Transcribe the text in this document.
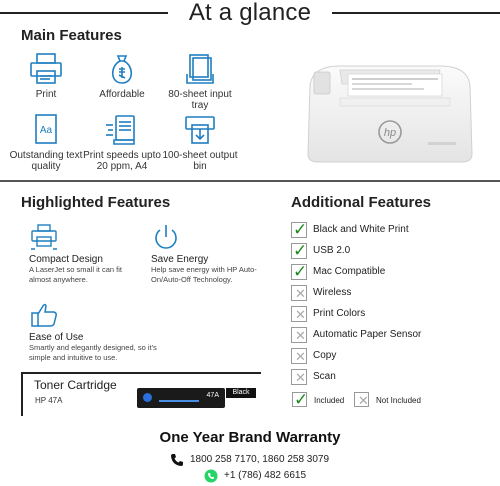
At a glance
Main Features
Print	Affordable	80-sheet input tray
Aa
Outstanding text quality
Print speeds upto 20 ppm, A4
100-sheet output bin
hp
Highlighted Features
Compact Design
A LaserJet so small it can fit almost anywhere.
Save Energy
Help save energy with HP Auto-On/Auto-Off Technology.
Ease of Use
Smartly and elegantly designed, so it's simple and intuitive to use.
Toner Cartridge
HP 47A
47A	Black
Additional Features
✓ Black and White Print
✓ USB 2.0
✓ Mac Compatible
✕ Wireless
✕ Print Colors
✕ Automatic Paper Sensor
✕ Copy
✕ Scan
✓ Included ✕ Not Included
One Year Brand Warranty
1800 258 7170, 1860 258 3079
+1 (786) 482 6615
